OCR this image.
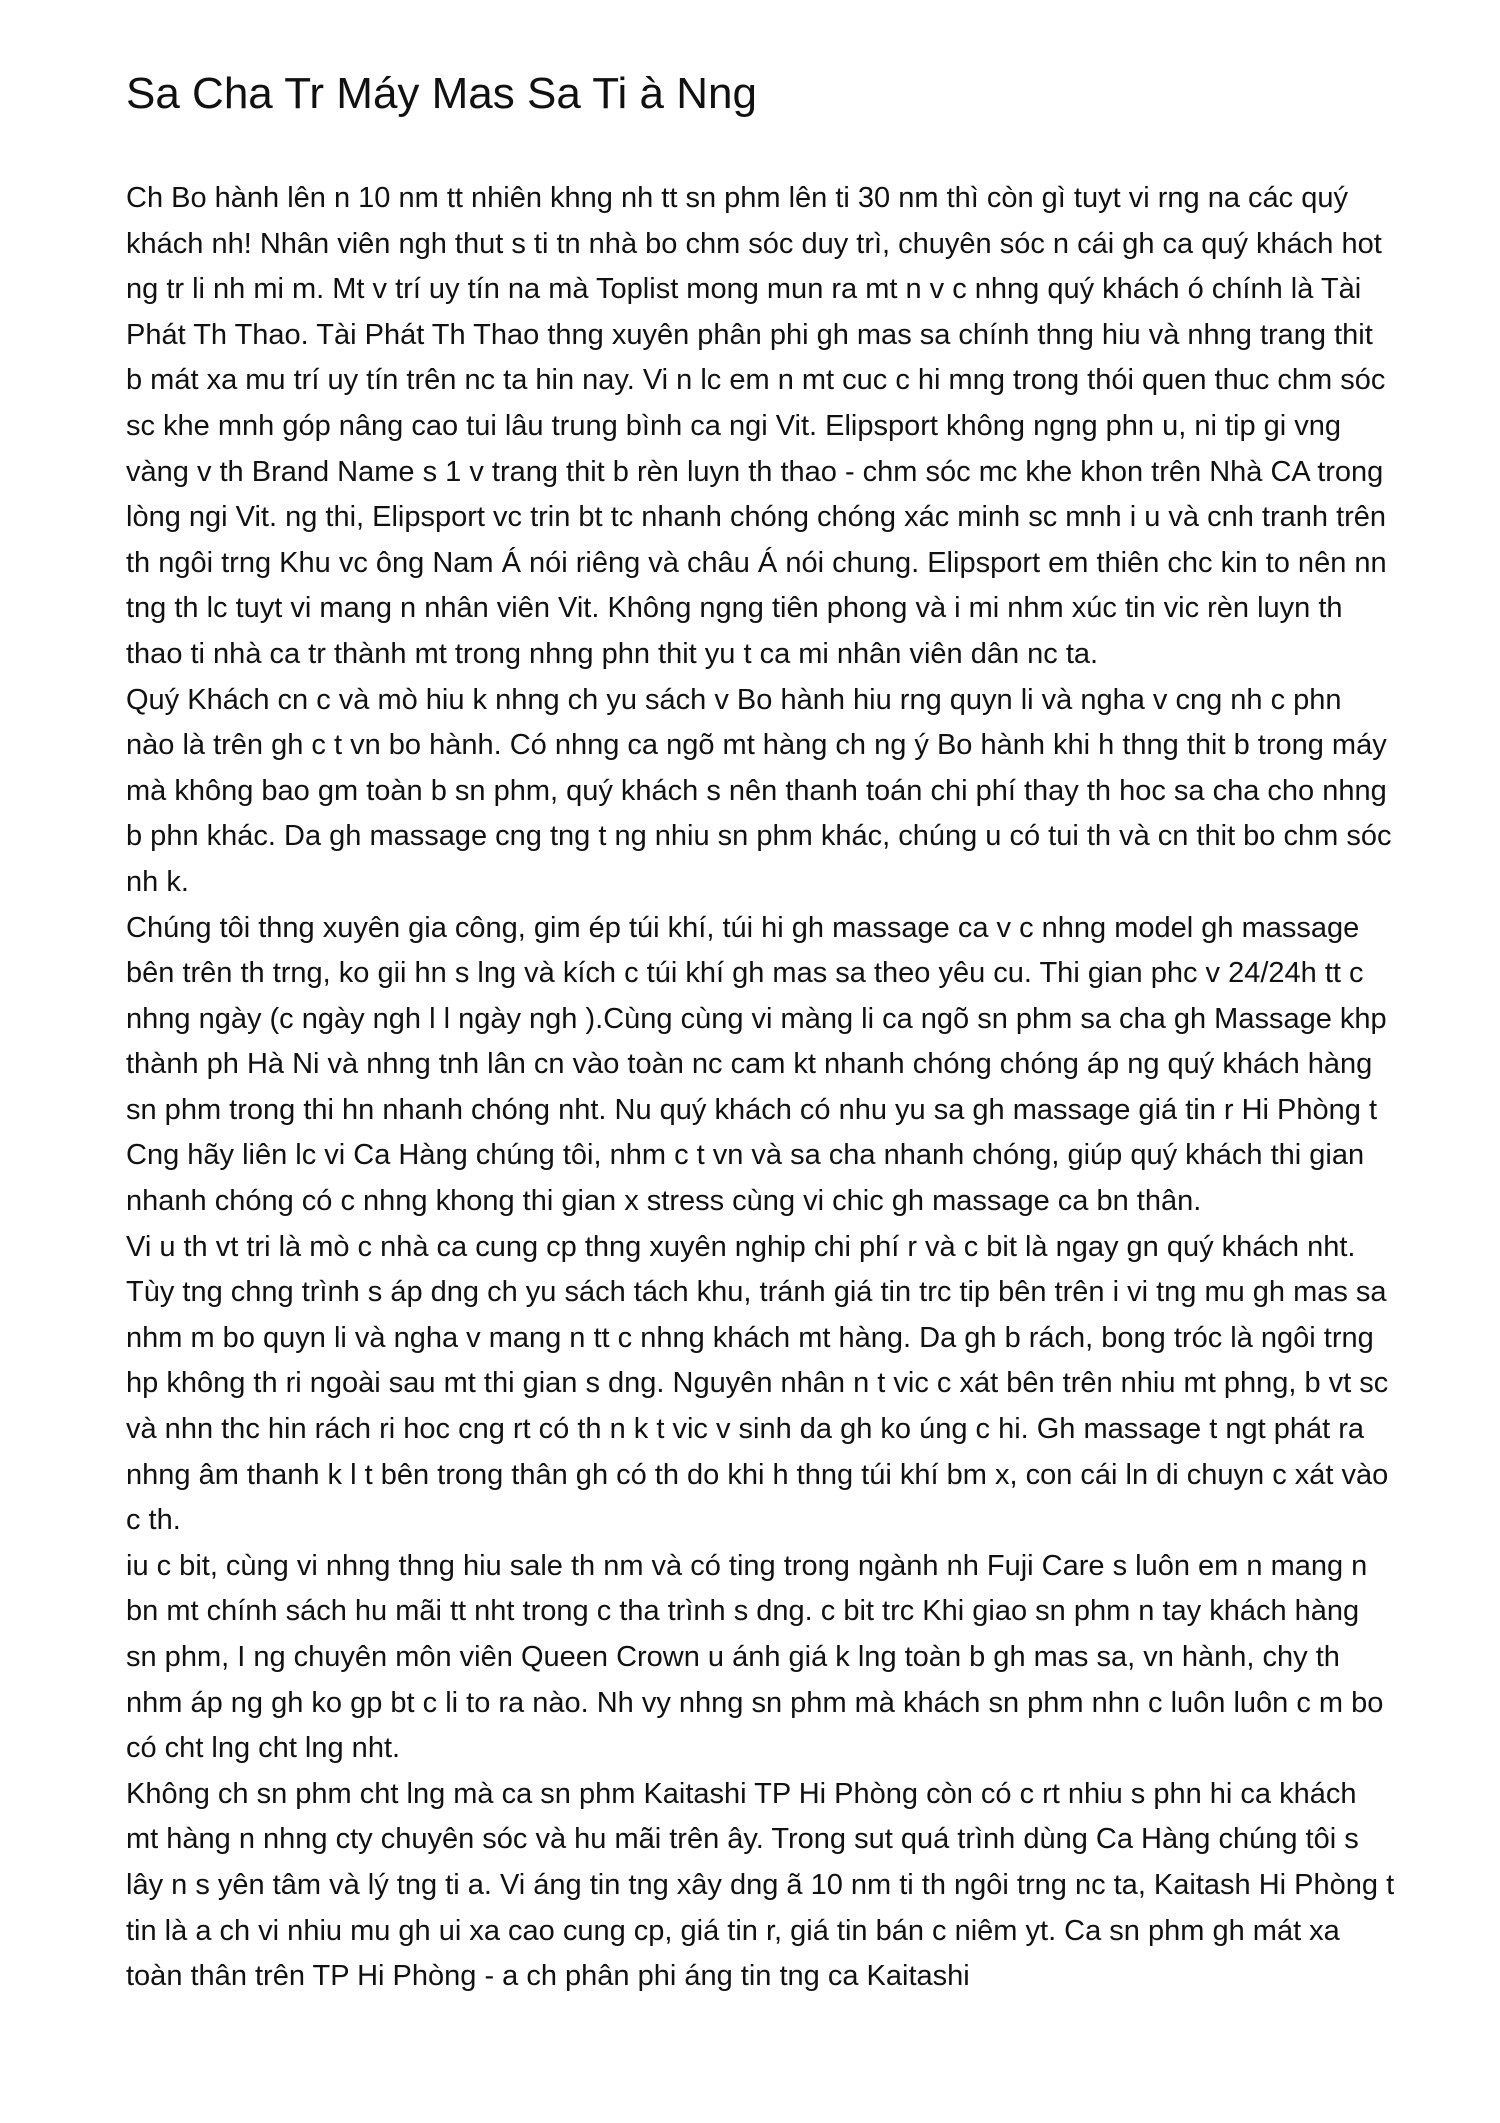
Sa Cha Tr Máy Mas Sa Ti à Nng

Ch Bo hành lên n 10 nm tt nhiên khng nh tt sn phm lên ti 30 nm thì còn gì tuyt vi rng na các quý khách nh! Nhân viên ngh thut s ti tn nhà bo chm sóc duy trì, chuyên sóc n cái gh ca quý khách hot ng tr li nh mi m. Mt v trí uy tín na mà Toplist mong mun ra mt n v c nhng quý khách ó chính là Tài Phát Th Thao. Tài Phát Th Thao thng xuyên phân phi gh mas sa chính thng hiu và nhng trang thit b mát xa mu trí uy tín trên nc ta hin nay. Vi n lc em n mt cuc c hi mng trong thói quen thuc chm sóc sc khe mnh góp nâng cao tui lâu trung bình ca ngi Vit. Elipsport không ngng phn u, ni tip gi vng vàng v th Brand Name s 1 v trang thit b rèn luyn th thao - chm sóc mc khe khon trên Nhà CA trong lòng ngi Vit. ng thi, Elipsport vc trin bt tc nhanh chóng chóng xác minh sc mnh i u và cnh tranh trên th ngôi trng Khu vc ông Nam Á nói riêng và châu Á nói chung. Elipsport em thiên chc kin to nên nn tng th lc tuyt vi mang n nhân viên Vit. Không ngng tiên phong và i mi nhm xúc tin vic rèn luyn th thao ti nhà ca tr thành mt trong nhng phn thit yu t ca mi nhân viên dân nc ta.

Quý Khách cn c và mò hiu k nhng ch yu sách v Bo hành hiu rng quyn li và ngha v cng nh c phn nào là trên gh c t vn bo hành. Có nhng ca ngõ mt hàng ch ng ý Bo hành khi h thng thit b trong máy mà không bao gm toàn b sn phm, quý khách s nên thanh toán chi phí thay th hoc sa cha cho nhng b phn khác. Da gh massage cng tng t ng nhiu sn phm khác, chúng u có tui th và cn thit bo chm sóc nh k.

Chúng tôi thng xuyên gia công, gim ép túi khí, túi hi gh massage ca v c nhng model gh massage bên trên th trng, ko gii hn s lng và kích c túi khí gh mas sa theo yêu cu. Thi gian phc v 24/24h tt c nhng ngày (c ngày ngh l l ngày ngh ).Cùng cùng vi màng li ca ngõ sn phm sa cha gh Massage khp thành ph Hà Ni và nhng tnh lân cn vào toàn nc cam kt nhanh chóng chóng áp ng quý khách hàng sn phm trong thi hn nhanh chóng nht. Nu quý khách có nhu yu sa gh massage giá tin r Hi Phòng t Cng hãy liên lc vi Ca Hàng chúng tôi, nhm c t vn và sa cha nhanh chóng, giúp quý khách thi gian nhanh chóng có c nhng khong thi gian x stress cùng vi chic gh massage ca bn thân.

Vi u th vt tri là mò c nhà ca cung cp thng xuyên nghip chi phí r và c bit là ngay gn quý khách nht. Tùy tng chng trình s áp dng ch yu sách tách khu, tránh giá tin trc tip bên trên i vi tng mu gh mas sa nhm m bo quyn li và ngha v mang n tt c nhng khách mt hàng. Da gh b rách, bong tróc là ngôi trng hp không th ri ngoài sau mt thi gian s dng. Nguyên nhân n t vic c xát bên trên nhiu mt phng, b vt sc và nhn thc hin rách ri hoc cng rt có th n k t vic v sinh da gh ko úng c hi. Gh massage t ngt phát ra nhng âm thanh k l t bên trong thân gh có th do khi h thng túi khí bm x, con cái ln di chuyn c xát vào c th.

iu c bit, cùng vi nhng thng hiu sale th nm và có ting trong ngành nh Fuji Care s luôn em n mang n bn mt chính sách hu mãi tt nht trong c tha trình s dng. c bit trc Khi giao sn phm n tay khách hàng sn phm, I ng chuyên môn viên Queen Crown u ánh giá k lng toàn b gh mas sa, vn hành, chy th nhm áp ng gh ko gp bt c li to ra nào. Nh vy nhng sn phm mà khách sn phm nhn c luôn luôn c m bo có cht lng cht lng nht.

Không ch sn phm cht lng mà ca sn phm Kaitashi TP Hi Phòng còn có c rt nhiu s phn hi ca khách mt hàng n nhng cty chuyên sóc và hu mãi trên ây. Trong sut quá trình dùng Ca Hàng chúng tôi s lây n s yên tâm và lý tng ti a. Vi áng tin tng xây dng ã 10 nm ti th ngôi trng nc ta, Kaitash Hi Phòng t tin là a ch vi nhiu mu gh ui xa cao cung cp, giá tin r, giá tin bán c niêm yt. Ca sn phm gh mát xa toàn thân trên TP Hi Phòng - a ch phân phi áng tin tng ca Kaitashi
